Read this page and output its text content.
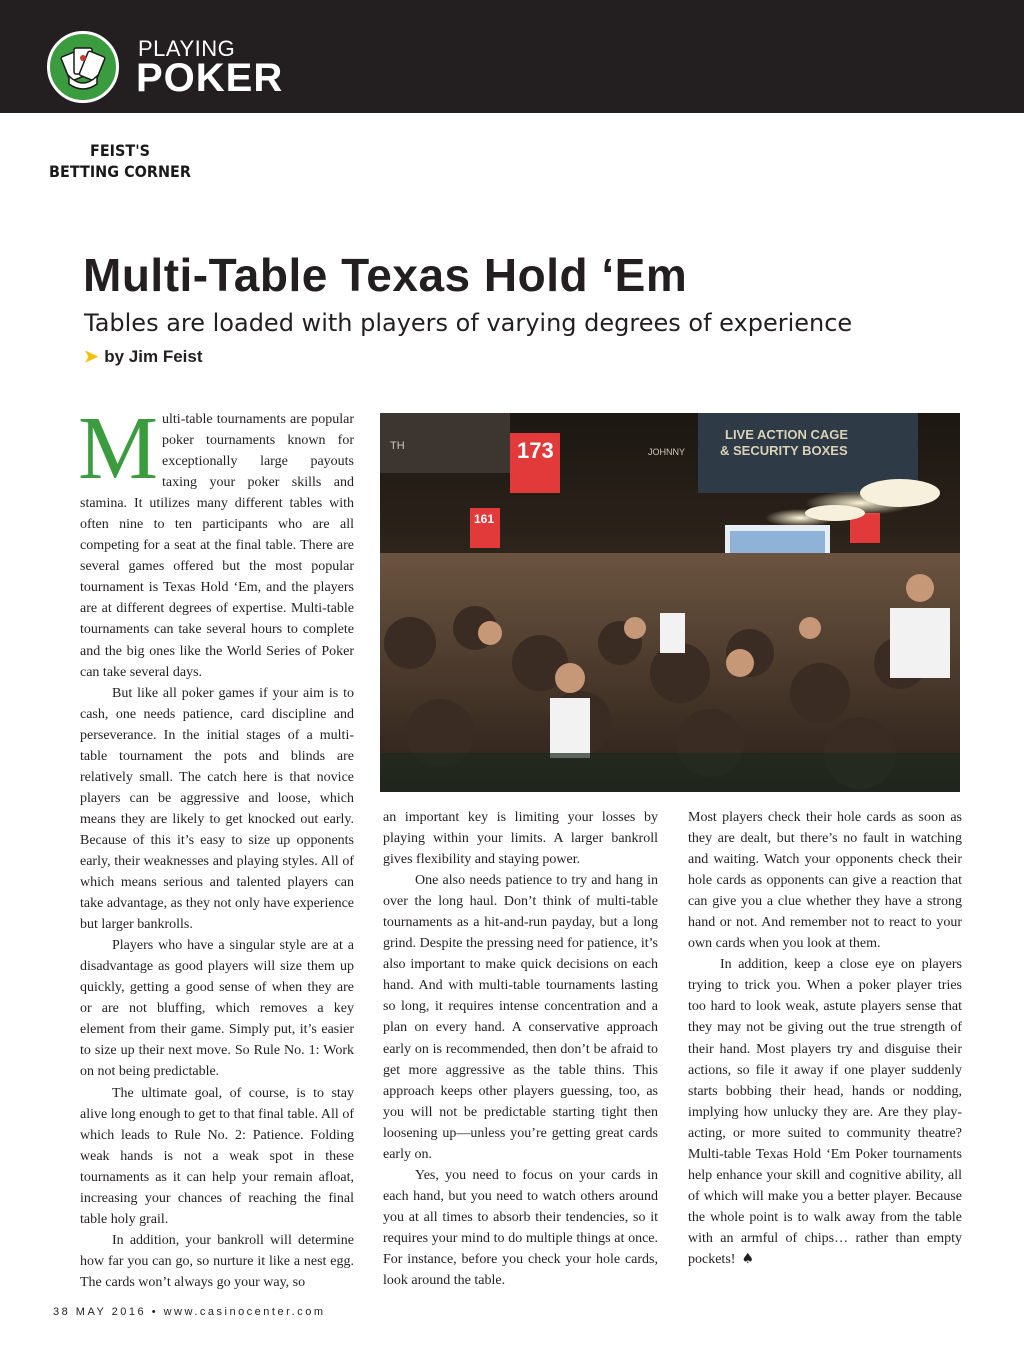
PLAYING
POKER
FEIST'S
BETTING CORNER
Multi-Table Texas Hold ‘Em
Tables are loaded with players of varying degrees of experience
➤ by Jim Feist

Multi-table tournaments are popular poker tournaments known for exceptionally large payouts taxing your poker skills and stamina. It utilizes many different tables with often nine to ten participants who are all competing for a seat at the final table. There are several games offered but the most popular tournament is Texas Hold ‘Em, and the players are at different degrees of expertise. Multi-table tournaments can take several hours to complete and the big ones like the World Series of Poker can take several days.

But like all poker games if your aim is to cash, one needs patience, card discipline and perseverance. In the initial stages of a multi-table tournament the pots and blinds are relatively small. The catch here is that novice players can be aggressive and loose, which means they are likely to get knocked out early. Because of this it’s easy to size up opponents early, their weaknesses and playing styles. All of which means serious and talented players can take advantage, as they not only have experience but larger bankrolls.

Players who have a singular style are at a disadvantage as good players will size them up quickly, getting a good sense of when they are or are not bluffing, which removes a key element from their game. Simply put, it’s easier to size up their next move. So Rule No. 1: Work on not being predictable.

The ultimate goal, of course, is to stay alive long enough to get to that final table. All of which leads to Rule No. 2: Patience. Folding weak hands is not a weak spot in these tournaments as it can help your remain afloat, increasing your chances of reaching the final table holy grail.

In addition, your bankroll will determine how far you can go, so nurture it like a nest egg. The cards won’t always go your way, so

173
161
LIVE ACTION CAGE
& SECURITY BOXES
TH	JOHNNY

an important key is limiting your losses by playing within your limits. A larger bankroll gives flexibility and staying power.

One also needs patience to try and hang in over the long haul. Don’t think of multi-table tournaments as a hit-and-run payday, but a long grind. Despite the pressing need for patience, it’s also important to make quick decisions on each hand. And with multi-table tournaments lasting so long, it requires intense concentration and a plan on every hand. A conservative approach early on is recommended, then don’t be afraid to get more aggressive as the table thins. This approach keeps other players guessing, too, as you will not be predictable starting tight then loosening up—unless you’re getting great cards early on.

Yes, you need to focus on your cards in each hand, but you need to watch others around you at all times to absorb their tendencies, so it requires your mind to do multiple things at once. For instance, before you check your hole cards, look around the table.

Most players check their hole cards as soon as they are dealt, but there’s no fault in watching and waiting. Watch your opponents check their hole cards as opponents can give a reaction that can give you a clue whether they have a strong hand or not. And remember not to react to your own cards when you look at them.

In addition, keep a close eye on players trying to trick you. When a poker player tries too hard to look weak, astute players sense that they may not be giving out the true strength of their hand. Most players try and disguise their actions, so file it away if one player suddenly starts bobbing their head, hands or nodding, implying how unlucky they are. Are they play-acting, or more suited to community theatre? Multi-table Texas Hold ‘Em Poker tournaments help enhance your skill and cognitive ability, all of which will make you a better player. Because the whole point is to walk away from the table with an armful of chips… rather than empty pockets! ♠

38 MAY 2016 • www.casinocenter.com
